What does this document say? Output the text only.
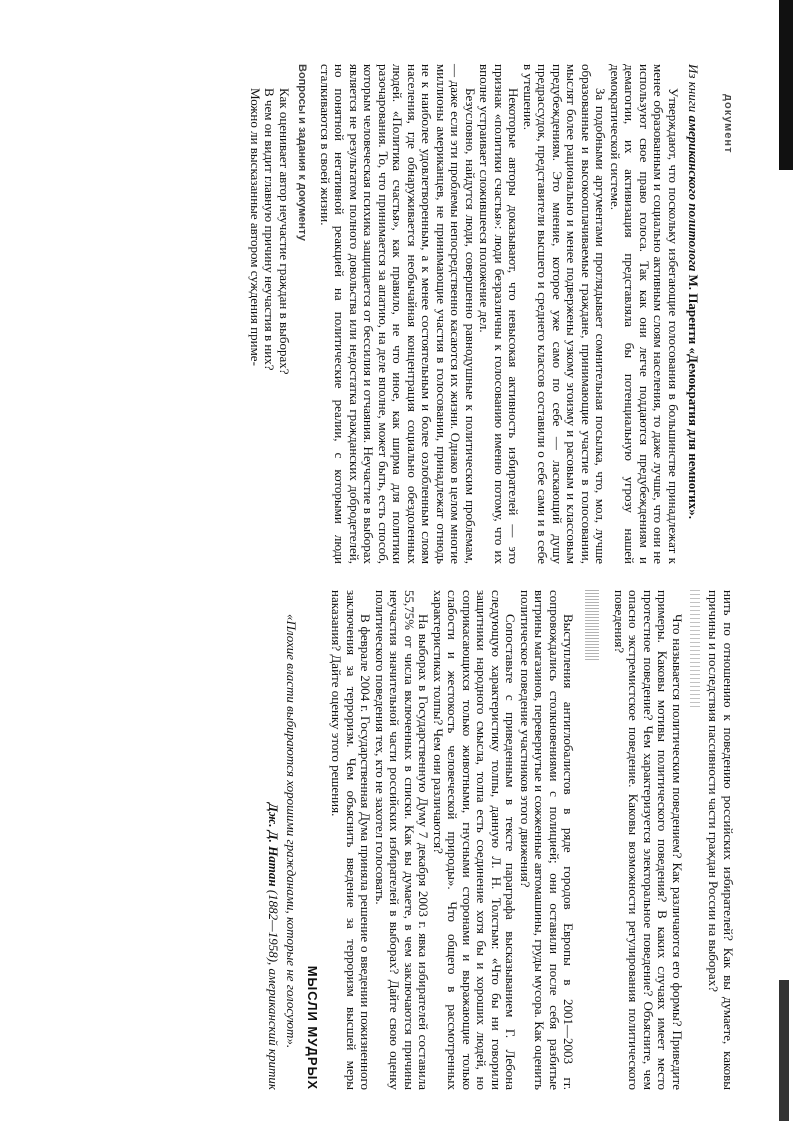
документ

Из книги американского политолога М. Паренти «Демократия для немногих».

Утверждают, что поскольку избегающие голосования в большинстве принадлежат к менее образованным и социально активным слоям населения, то даже лучше, что они не используют свое право голоса. Так как они легче поддаются предубеждениям и демагогии, их активизация представляла бы потенциальную угрозу нашей демократической системе.

За подобными аргументами проглядывает сомнительная посылка, что, мол, лучше образованные и высокооплачиваемые граждане, принимающие участие в голосовании, мыслят более рационально и менее подвержены узкому эгоизму и расовым и классовым предубеждениям. Это мнение, которое уже само по себе — ласкающий душу предрассудок, представители высшего и среднего классов составили о себе сами и в себе в утешение.

Некоторые авторы доказывают, что невысокая активность избирателей — это признак «политики счастья»: люди безразличны к голосованию именно потому, что их вполне устраивает сложившееся положение дел.

Безусловно, найдутся люди, совершенно равнодушные к политическим проблемам, — даже если эти проблемы непосредственно касаются их жизни. Однако в целом многие миллионы американцев, не принимающие участия в голосовании, принадлежат отнюдь не к наиболее удовлетворенным, а к менее состоятельным и более озлобленным слоям населения, где обнаруживается необычайная концентрация социально обездоленных людей. «Политика счастья», как правило, не что иное, как ширма для политики разочарования. То, что принимается за апатию, на деле вполне, может быть, есть способ, которым человеческая психика защищается от бессилия и отчаяния. Неучастие в выборах является не результатом полного довольства или недостатка гражданских добродетелей, но понятной негативной реакцией на политические реалии, с которыми люди сталкиваются в своей жизни.

Вопросы и задания к документу

Как оценивает автор неучастие граждан в выборах?

В чем он видит главную причину неучастия в них?

Можно ли высказанные автором суждения приме-

нить по отношению к поведению российских избирателей? Как вы думаете, каковы причины и последствия пассивности части граждан России на выборах?

Что называется политическим поведением? Как различаются его формы? Приведите примеры. Каковы мотивы политического поведения? В каких случаях имеет место протестное поведение? Чем характеризуется электоральное поведение? Объясните, чем опасно экстремистское поведение. Каковы возможности регулирования политического поведения?

Выступления антиглобалистов в ряде городов Европы в 2001—2003 гг. сопровождались столкновениями с полицией; они оставили после себя разбитые витрины магазинов, перевернутые и сожженные автомашины, груды мусора. Как оценить политическое поведение участников этого движения?

Сопоставьте с приведенным в тексте параграфа высказыванием Г. Лебона следующую характеристику толпы, данную Л. Н. Толстым: «Что бы ни говорили защитники народного смысла, толпа есть соединение хотя бы и хороших людей, но соприкасающихся только животными, гнусными сторонами и выражающие только слабости и жестокость человеческой природы». Что общего в рассмотренных характеристиках толпы? Чем они различаются?

На выборах в Государственную Думу 7 декабря 2003 г. явка избирателей составила 55,75% от числа включенных в списки. Как вы думаете, в чем заключаются причины неучастия значительной части российских избирателей в выборах? Дайте свою оценку политического поведения тех, кто не захотел голосовать.

В феврале 2004 г. Государственная Дума приняла решение о введении пожизненного заключения за терроризм. Чем объяснить введение за терроризм высшей меры наказания? Дайте оценку этого решения.

МЫСЛИ МУДРЫХ

«Плохие власти выбираются хорошими гражданами, которые не голосуют».

Дж. Д. Натан (1882—1958), американский критик
